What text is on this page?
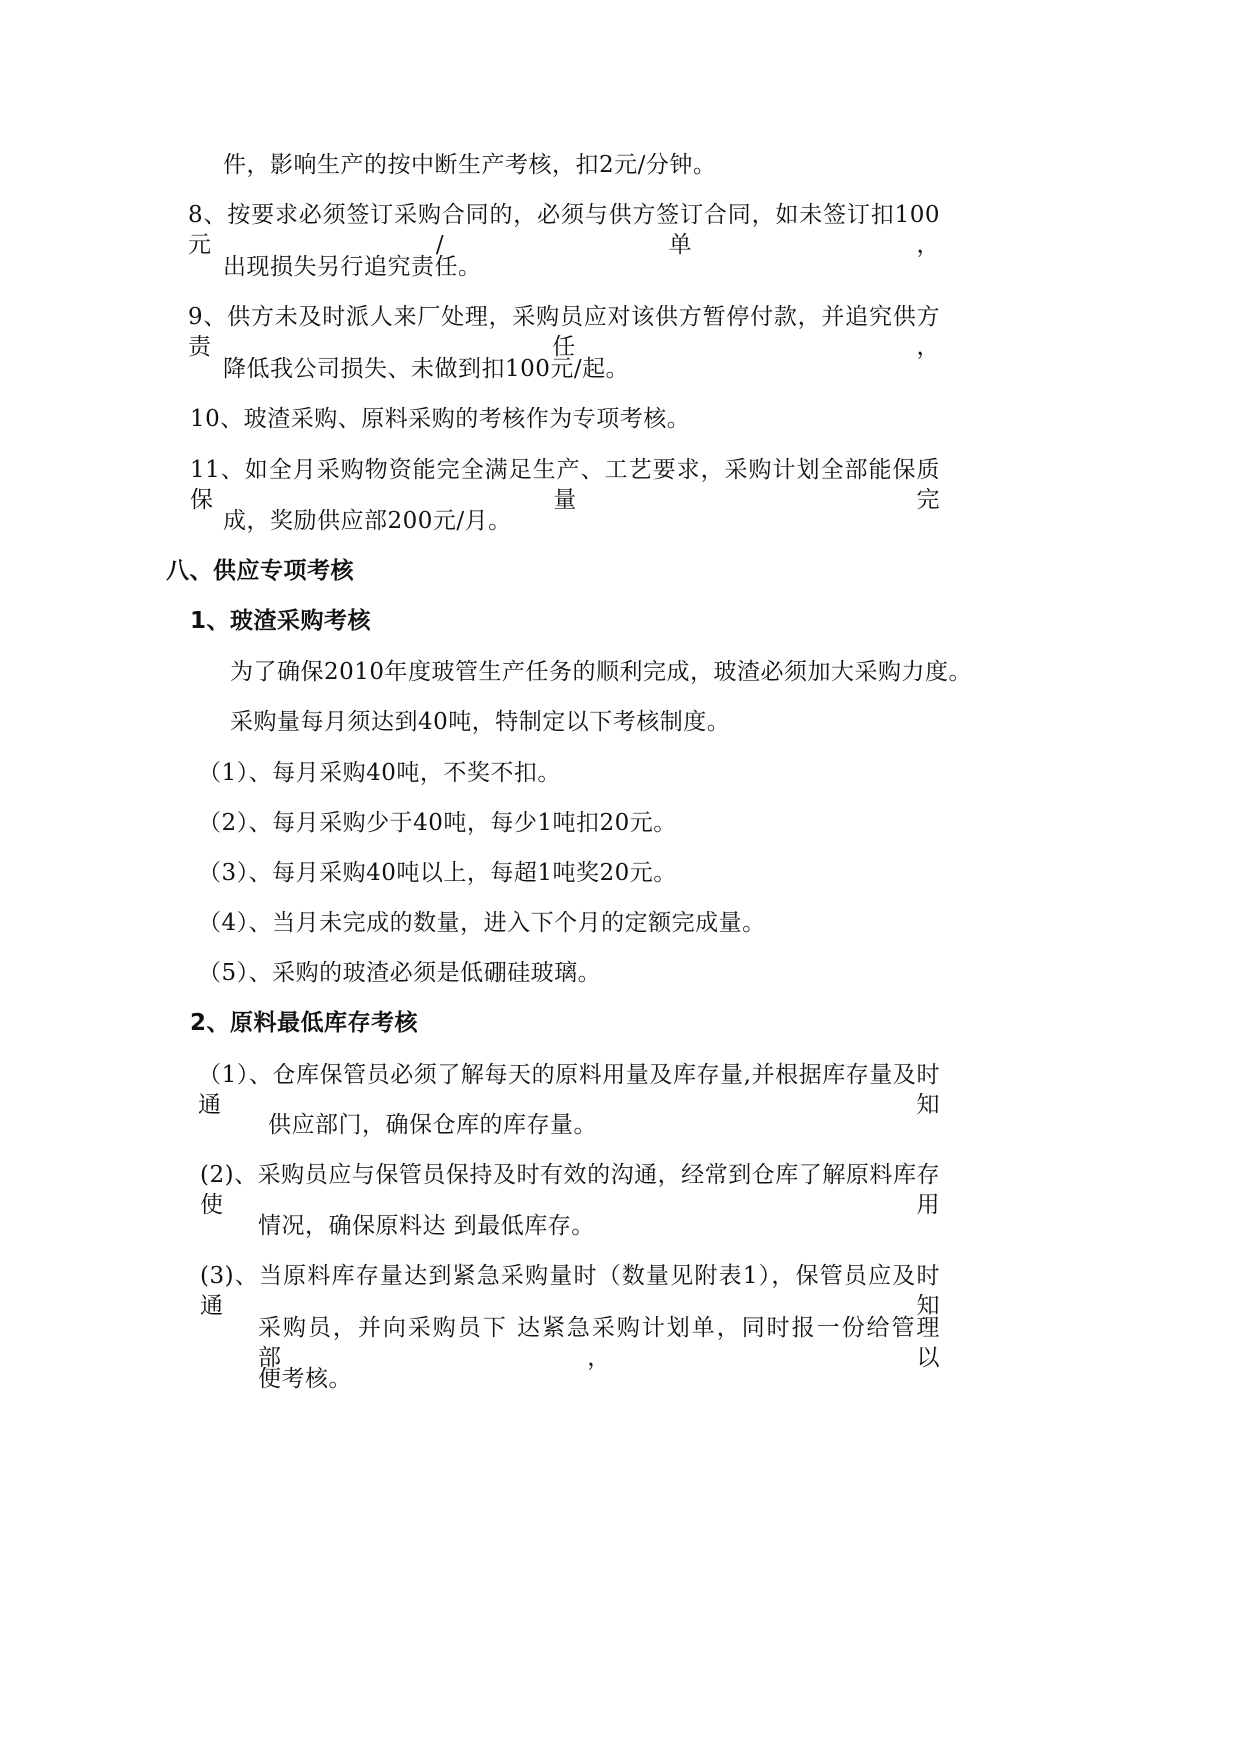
件，影响生产的按中断生产考核，扣2元/分钟。
8、按要求必须签订采购合同的，必须与供方签订合同，如未签订扣100元/单，
出现损失另行追究责任。
9、供方未及时派人来厂处理，采购员应对该供方暂停付款，并追究供方责任，
降低我公司损失、未做到扣100元/起。
10、玻渣采购、原料采购的考核作为专项考核。
11、如全月采购物资能完全满足生产、工艺要求，采购计划全部能保质保量完
成，奖励供应部200元/月。
八、供应专项考核
1、玻渣采购考核
为了确保2010年度玻管生产任务的顺利完成，玻渣必须加大采购力度。
采购量每月须达到40吨，特制定以下考核制度。
（1）、每月采购40吨，不奖不扣。
（2）、每月采购少于40吨，每少1吨扣20元。
（3）、每月采购40吨以上，每超1吨奖20元。
（4）、当月未完成的数量，进入下个月的定额完成量。
（5）、采购的玻渣必须是低硼硅玻璃。
2、原料最低库存考核
（1）、仓库保管员必须了解每天的原料用量及库存量,并根据库存量及时通知
供应部门，确保仓库的库存量。
(2)、采购员应与保管员保持及时有效的沟通，经常到仓库了解原料库存使用
情况，确保原料达 到最低库存。
(3)、当原料库存量达到紧急采购量时（数量见附表1），保管员应及时通知
采购员，并向采购员下 达紧急采购计划单，同时报一份给管理部，以
便考核。
